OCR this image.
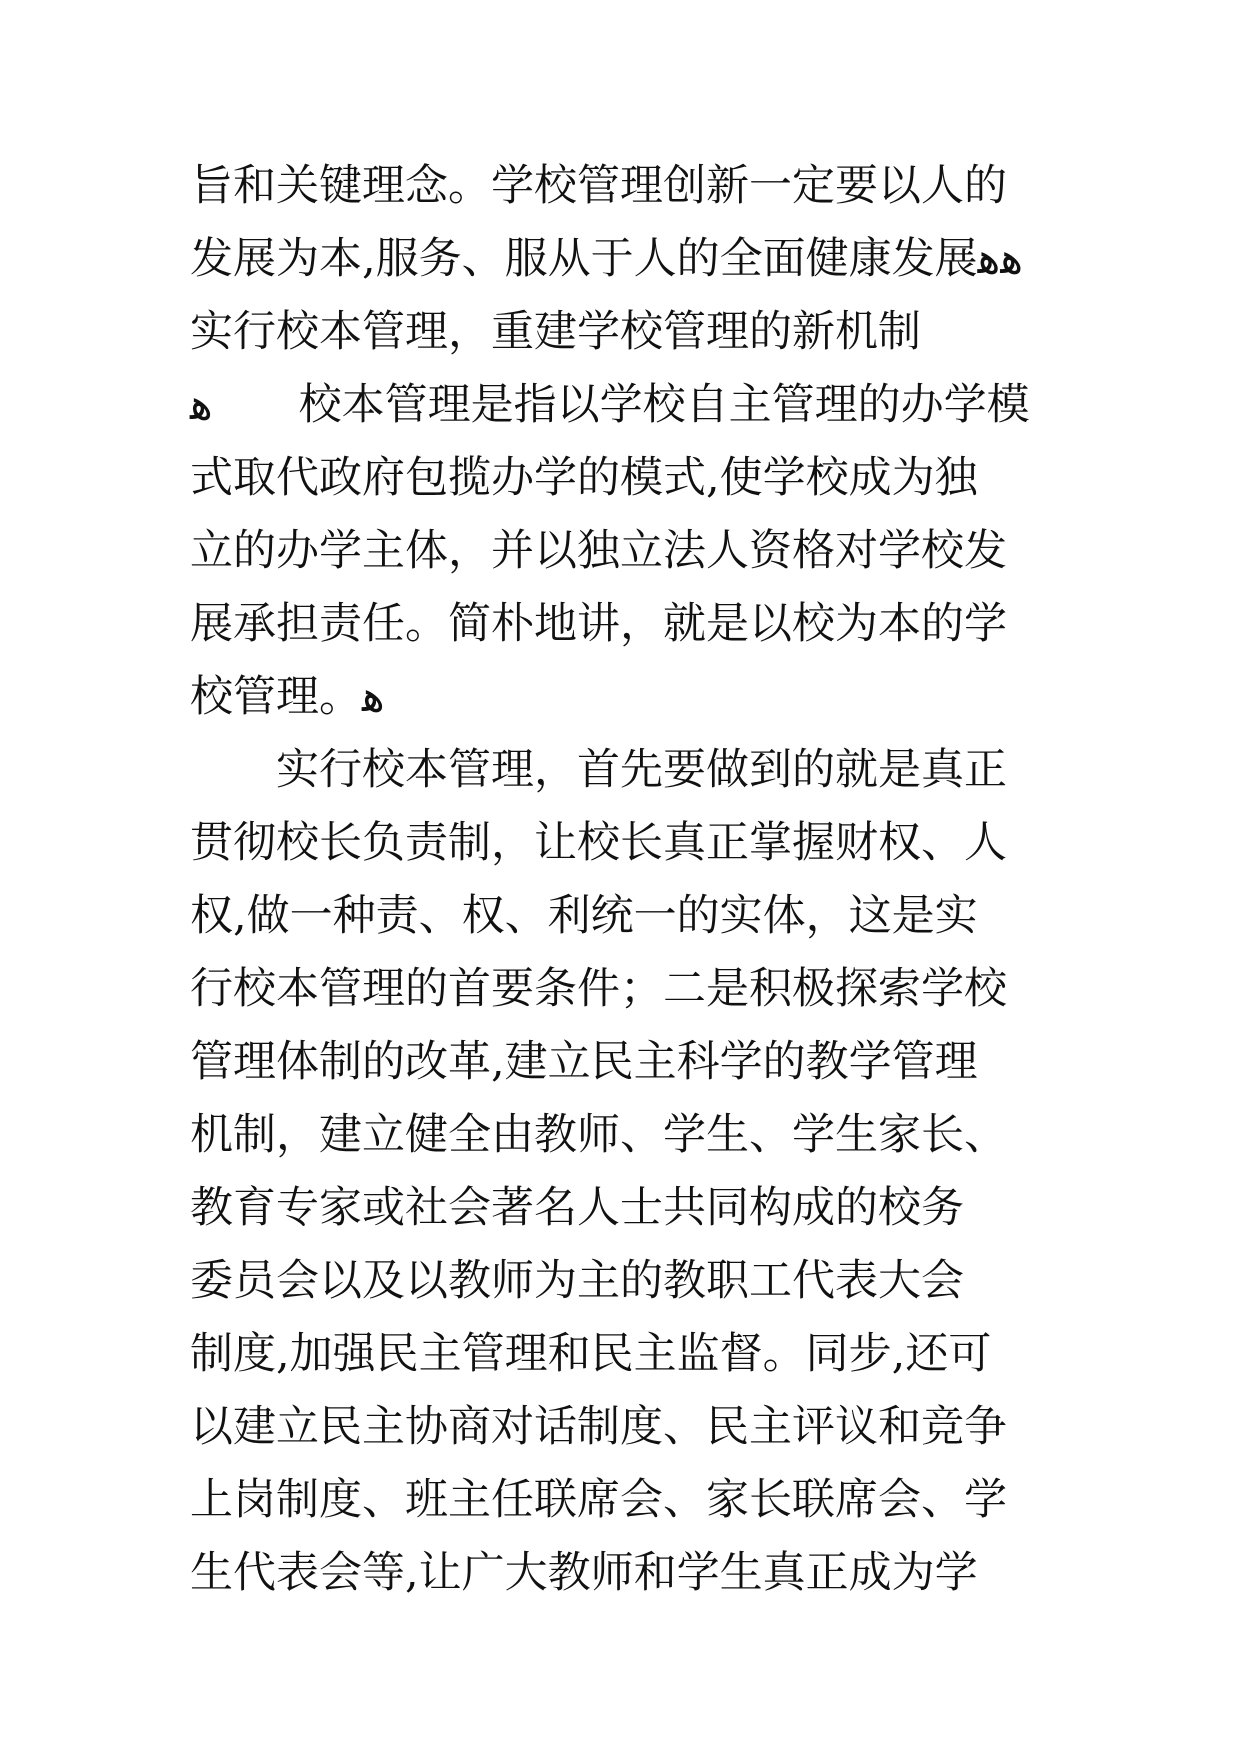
旨和关键理念。学校管理创新一定要以人的
发展为本,服务、服从于人的全面健康发展ﻫﻫ
实行校本管理，重建学校管理的新机制
ﻫ　　校本管理是指以学校自主管理的办学模
式取代政府包揽办学的模式,使学校成为独
立的办学主体，并以独立法人资格对学校发
展承担责任。简朴地讲，就是以校为本的学
校管理。ﻫ
　　实行校本管理，首先要做到的就是真正
贯彻校长负责制，让校长真正掌握财权、人
权,做一种责、权、利统一的实体，这是实
行校本管理的首要条件；二是积极探索学校
管理体制的改革,建立民主科学的教学管理
机制，建立健全由教师、学生、学生家长、
教育专家或社会著名人士共同构成的校务
委员会以及以教师为主的教职工代表大会
制度,加强民主管理和民主监督。同步,还可
以建立民主协商对话制度、民主评议和竞争
上岗制度、班主任联席会、家长联席会、学
生代表会等,让广大教师和学生真正成为学
